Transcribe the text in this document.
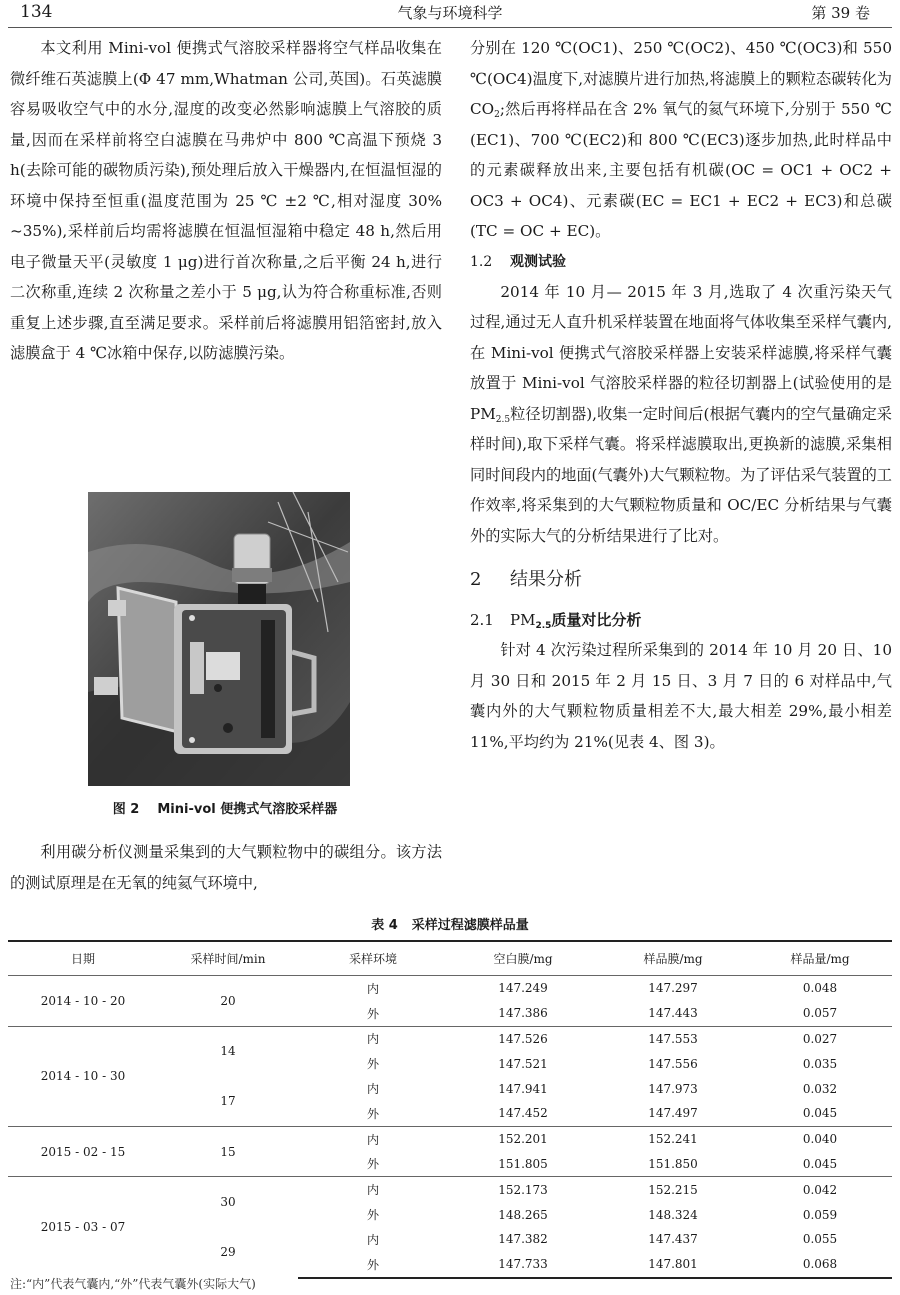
134	气象与环境科学	第 39 卷

本文利用 Mini-vol 便携式气溶胶采样器将空气样品收集在微纤维石英滤膜上(Φ 47 mm,Whatman 公司,英国)。石英滤膜容易吸收空气中的水分,湿度的改变必然影响滤膜上气溶胶的质量,因而在采样前将空白滤膜在马弗炉中 800 ℃高温下预烧 3 h(去除可能的碳物质污染),预处理后放入干燥器内,在恒温恒湿的环境中保持至恒重(温度范围为 25 ℃ ±2 ℃,相对湿度 30% ~35%),采样前后均需将滤膜在恒温恒湿箱中稳定 48 h,然后用电子微量天平(灵敏度 1 μg)进行首次称量,之后平衡 24 h,进行二次称重,连续 2 次称量之差小于 5 μg,认为符合称重标准,否则重复上述步骤,直至满足要求。采样前后将滤膜用铝箔密封,放入滤膜盒于 4 ℃冰箱中保存,以防滤膜污染。

图 2 Mini-vol 便携式气溶胶采样器

利用碳分析仪测量采集到的大气颗粒物中的碳组分。该方法的测试原理是在无氧的纯氦气环境中,

分别在 120 ℃(OC1)、250 ℃(OC2)、450 ℃(OC3)和 550 ℃(OC4)温度下,对滤膜片进行加热,将滤膜上的颗粒态碳转化为 $CO_2$;然后再将样品在含 2% 氧气的氦气环境下,分别于 550 ℃(EC1)、700 ℃(EC2)和 800 ℃(EC3)逐步加热,此时样品中的元素碳释放出来,主要包括有机碳(OC = OC1 + OC2 + OC3 + OC4)、元素碳(EC = EC1 + EC2 + EC3)和总碳(TC = OC + EC)。

1.2 观测试验

2014 年 10 月— 2015 年 3 月,选取了 4 次重污染天气过程,通过无人直升机采样装置在地面将气体收集至采样气囊内,在 Mini-vol 便携式气溶胶采样器上安装采样滤膜,将采样气囊放置于 Mini-vol 气溶胶采样器的粒径切割器上(试验使用的是 $PM_{2.5}$粒径切割器),收集一定时间后(根据气囊内的空气量确定采样时间),取下采样气囊。将采样滤膜取出,更换新的滤膜,采集相同时间段内的地面(气囊外)大气颗粒物。为了评估采气装置的工作效率,将采集到的大气颗粒物质量和 OC/EC 分析结果与气囊外的实际大气的分析结果进行了比对。

2 结果分析
2.1 $PM_{2.5}$质量对比分析

针对 4 次污染过程所采集到的 2014 年 10 月 20 日、10 月 30 日和 2015 年 2 月 15 日、3 月 7 日的 6 对样品中,气囊内外的大气颗粒物质量相差不大,最大相差 29%,最小相差 11%,平均约为 21%(见表 4、图 3)。

表 4 采样过程滤膜样品量
日期	采样时间/min	采样环境	空白膜/mg	样品膜/mg	样品量/mg
2014 - 10 - 20	20	内	147.249	147.297	0.048
		外	147.386	147.443	0.057
2014 - 10 - 30	14	内	147.526	147.553	0.027
		外	147.521	147.556	0.035
	17	内	147.941	147.973	0.032
		外	147.452	147.497	0.045
2015 - 02 - 15	15	内	152.201	152.241	0.040
		外	151.805	151.850	0.045
2015 - 03 - 07	30	内	152.173	152.215	0.042
		外	148.265	148.324	0.059
	29	内	147.382	147.437	0.055
		外	147.733	147.801	0.068
注:“内”代表气囊内,“外”代表气囊外(实际大气)
